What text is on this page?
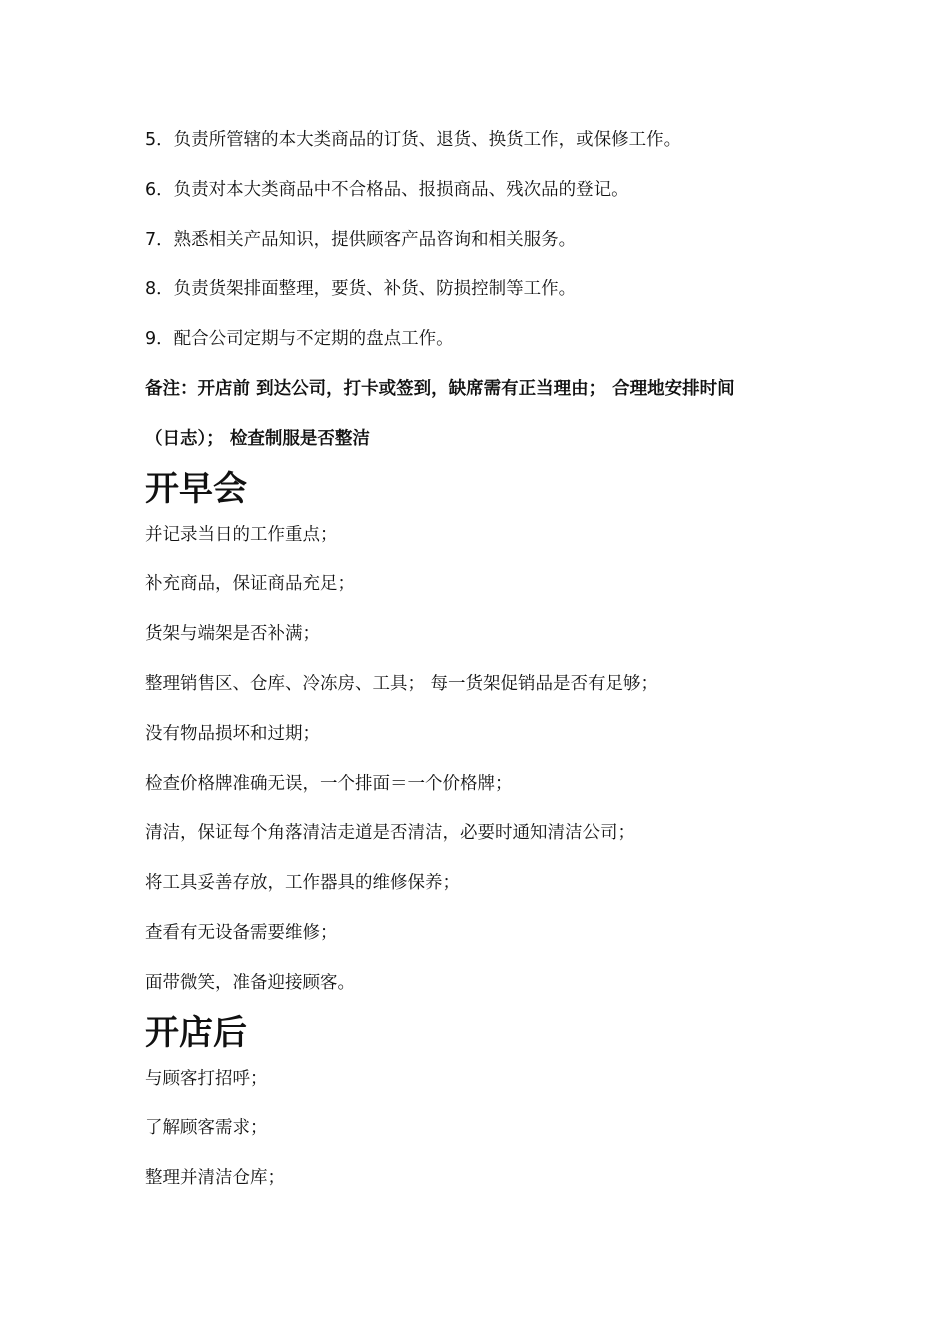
5．负责所管辖的本大类商品的订货、退货、换货工作，或保修工作。
6．负责对本大类商品中不合格品、报损商品、残次品的登记。
7．熟悉相关产品知识，提供顾客产品咨询和相关服务。
8．负责货架排面整理，要货、补货、防损控制等工作。
9．配合公司定期与不定期的盘点工作。
备注：开店前 到达公司，打卡或签到，缺席需有正当理由； 合理地安排时间
（日志）； 检查制服是否整洁
开早会
并记录当日的工作重点；
补充商品，保证商品充足；
货架与端架是否补满；
整理销售区、仓库、冷冻房、工具； 每一货架促销品是否有足够；
没有物品损坏和过期；
检查价格牌准确无误，一个排面＝一个价格牌；
清洁，保证每个角落清洁走道是否清洁，必要时通知清洁公司；
将工具妥善存放，工作器具的维修保养；
查看有无设备需要维修；
面带微笑，准备迎接顾客。
开店后
与顾客打招呼；
了解顾客需求；
整理并清洁仓库；
